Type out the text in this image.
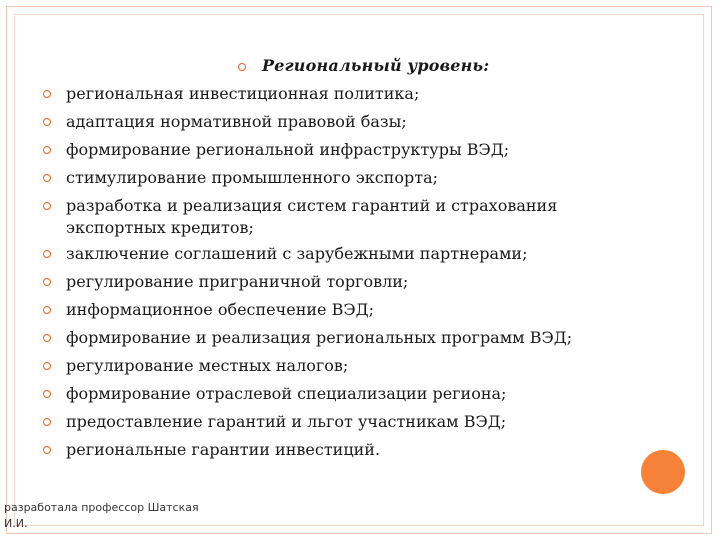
Региональный уровень:
региональная инвестиционная политика;
адаптация нормативной правовой базы;
формирование региональной инфраструктуры ВЭД;
стимулирование промышленного экспорта;
разработка и реализация систем гарантий и страхования
экспортных кредитов;
заключение соглашений с зарубежными партнерами;
регулирование приграничной торговли;
информационное обеспечение ВЭД;
формирование и реализация региональных программ ВЭД;
регулирование местных налогов;
формирование отраслевой специализации региона;
предоставление гарантий и льгот участникам ВЭД;
региональные гарантии инвестиций.
разработала профессор Шатская
И.И.
